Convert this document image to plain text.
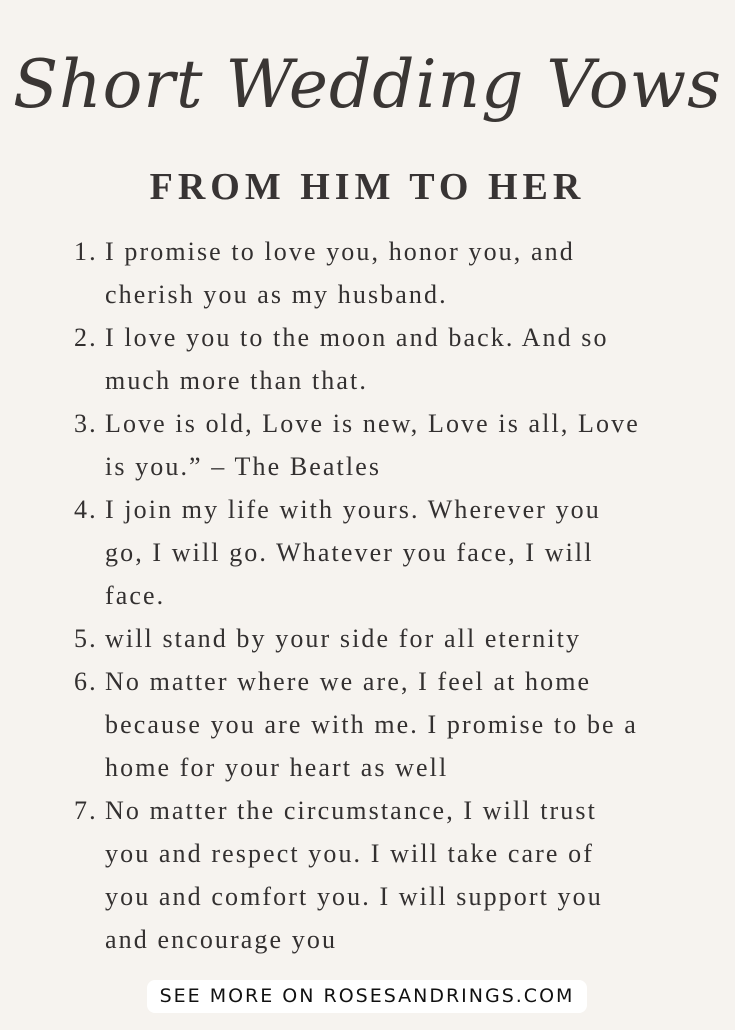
Short Wedding Vows
FROM HIM TO HER
1. I promise to love you, honor you, and
cherish you as my husband.
2. I love you to the moon and back. And so
much more than that.
3. Love is old, Love is new, Love is all, Love
is you.” – The Beatles
4. I join my life with yours. Wherever you
go, I will go. Whatever you face, I will
face.
5. will stand by your side for all eternity
6. No matter where we are, I feel at home
because you are with me. I promise to be a
home for your heart as well
7. No matter the circumstance, I will trust
you and respect you. I will take care of
you and comfort you. I will support you
and encourage you
SEE MORE ON ROSESANDRINGS.COM
